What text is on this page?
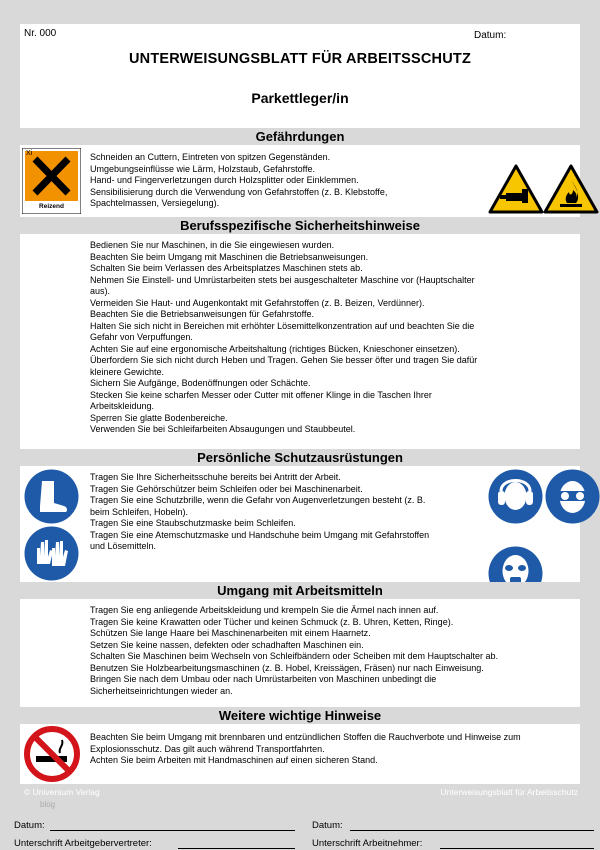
Nr. 000	Datum:
UNTERWEISUNGSBLATT FÜR ARBEITSSCHUTZ
Parkettleger/in
Gefährdungen
Xi
Reizend
Schneiden an Cuttern, Eintreten von spitzen Gegenständen.
Umgebungseinflüsse wie Lärm, Holzstaub, Gefahrstoffe.
Hand- und Fingerverletzungen durch Holzsplitter oder Einklemmen.
Sensibilisierung durch die Verwendung von Gefahrstoffen (z. B. Klebstoffe,
Spachtelmassen, Versiegelung).
Berufsspezifische Sicherheitshinweise
Bedienen Sie nur Maschinen, in die Sie eingewiesen wurden.
Beachten Sie beim Umgang mit Maschinen die Betriebsanweisungen.
Schalten Sie beim Verlassen des Arbeitsplatzes Maschinen stets ab.
Nehmen Sie Einstell- und Umrüstarbeiten stets bei ausgeschalteter Maschine vor (Hauptschalter
aus).
Vermeiden Sie Haut- und Augenkontakt mit Gefahrstoffen (z. B. Beizen, Verdünner).
Beachten Sie die Betriebsanweisungen für Gefahrstoffe.
Halten Sie sich nicht in Bereichen mit erhöhter Lösemittelkonzentration auf und beachten Sie die
Gefahr von Verpuffungen.
Achten Sie auf eine ergonomische Arbeitshaltung (richtiges Bücken, Knieschoner einsetzen).
Überfordern Sie sich nicht durch Heben und Tragen. Gehen Sie besser öfter und tragen Sie dafür
kleinere Gewichte.
Sichern Sie Aufgänge, Bodenöffnungen oder Schächte.
Stecken Sie keine scharfen Messer oder Cutter mit offener Klinge in die Taschen Ihrer
Arbeitskleidung.
Sperren Sie glatte Bodenbereiche.
Verwenden Sie bei Schleifarbeiten Absaugungen und Staubbeutel.
Persönliche Schutzausrüstungen
Tragen Sie Ihre Sicherheitsschuhe bereits bei Antritt der Arbeit.
Tragen Sie Gehörschützer beim Schleifen oder bei Maschinenarbeit.
Tragen Sie eine Schutzbrille, wenn die Gefahr von Augenverletzungen besteht (z. B.
beim Schleifen, Hobeln).
Tragen Sie eine Staubschutzmaske beim Schleifen.
Tragen Sie eine Atemschutzmaske und Handschuhe beim Umgang mit Gefahrstoffen
und Lösemitteln.
Umgang mit Arbeitsmitteln
Tragen Sie eng anliegende Arbeitskleidung und krempeln Sie die Ärmel nach innen auf.
Tragen Sie keine Krawatten oder Tücher und keinen Schmuck (z. B. Uhren, Ketten, Ringe).
Schützen Sie lange Haare bei Maschinenarbeiten mit einem Haarnetz.
Setzen Sie keine nassen, defekten oder schadhaften Maschinen ein.
Schalten Sie Maschinen beim Wechseln von Schleifbändern oder Scheiben mit dem Hauptschalter ab.
Benutzen Sie Holzbearbeitungsmaschinen (z. B. Hobel, Kreissägen, Fräsen) nur nach Einweisung.
Bringen Sie nach dem Umbau oder nach Umrüstarbeiten von Maschinen unbedingt die
Sicherheitseinrichtungen wieder an.
Weitere wichtige Hinweise
Beachten Sie beim Umgang mit brennbaren und entzündlichen Stoffen die Rauchverbote und Hinweise zum
Explosionsschutz. Das gilt auch während Transportfahrten.
Achten Sie beim Arbeiten mit Handmaschinen auf einen sicheren Stand.
© Universum Verlag	Unterweisungsblatt für Arbeitsschutz
blog
Datum:	Datum:
Unterschrift Arbeitgebervertreter:	Unterschrift Arbeitnehmer:
